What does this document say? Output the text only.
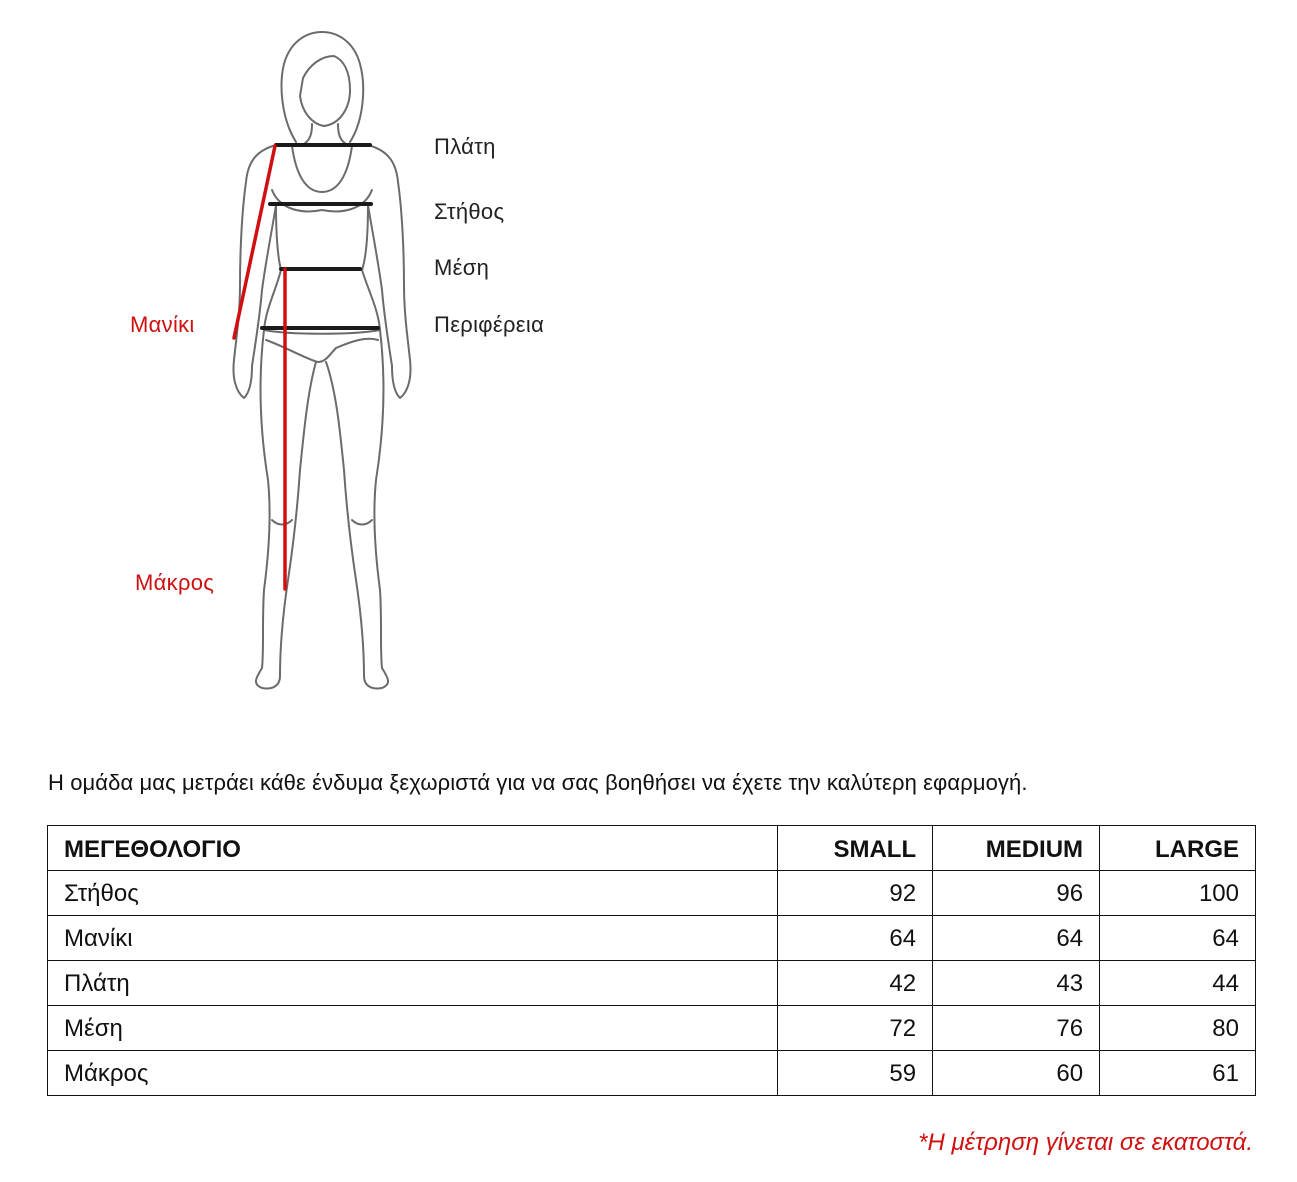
Πλάτη
Στήθος
Μέση
Περιφέρεια
Μανίκι
Μάκρος
Η ομάδα μας μετράει κάθε ένδυμα ξεχωριστά για να σας βοηθήσει να έχετε την καλύτερη εφαρμογή.
ΜΕΓΕΘΟΛΟΓΙΟ	SMALL	MEDIUM	LARGE
Στήθος	92	96	100
Μανίκι	64	64	64
Πλάτη	42	43	44
Μέση	72	76	80
Μάκρος	59	60	61
*Η μέτρηση γίνεται σε εκατοστά.
